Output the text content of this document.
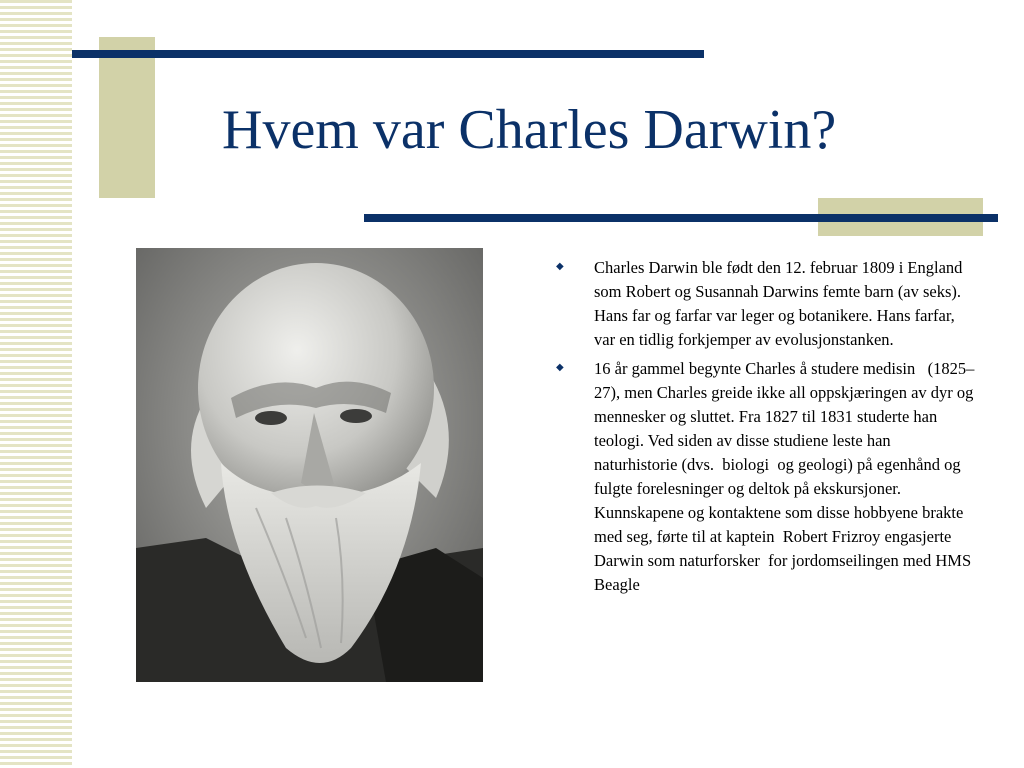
Hvem var Charles Darwin?
◆ Charles Darwin ble født den 12. februar 1809 i England som Robert og Susannah Darwins femte barn (av seks). Hans far og farfar var leger og botanikere. Hans farfar,   var en tidlig forkjemper av evolusjonstanken.
◆ 16 år gammel begynte Charles å studere medisin   (1825–27), men Charles greide ikke all oppskjæringen av dyr og mennesker og sluttet. Fra 1827 til 1831 studerte han teologi. Ved siden av disse studiene leste han naturhistorie (dvs.  biologi  og geologi) på egenhånd og fulgte forelesninger og deltok på ekskursjoner. Kunnskapene og kontaktene som disse hobbyene brakte med seg, førte til at kaptein  Robert Frizroy engasjerte Darwin som naturforsker  for jordomseilingen med HMS Beagle
